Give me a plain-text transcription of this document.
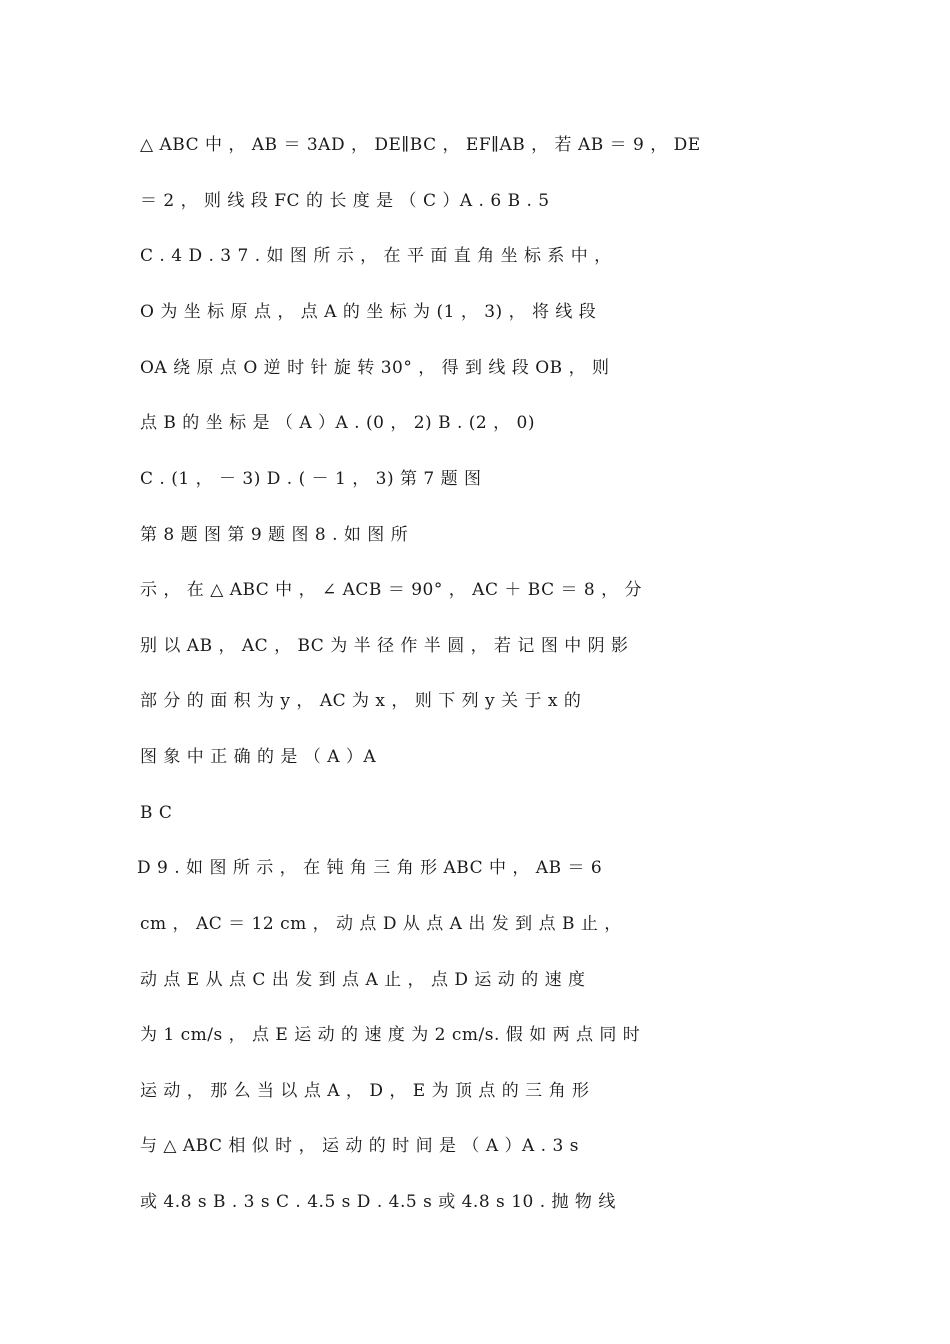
△ ABC 中 ， AB ＝ 3AD ， DE∥BC ， EF∥AB ， 若 AB ＝ 9 ， DE
＝ 2 ， 则 线 段 FC 的 长 度 是 （ C ）A . 6 B . 5
C . 4 D . 3 7 . 如 图 所 示 ， 在 平 面 直 角 坐 标 系 中 ，
O 为 坐 标 原 点 ， 点 A 的 坐 标 为 (1 ， 3) ， 将 线 段
OA 绕 原 点 O 逆 时 针 旋 转 30° ， 得 到 线 段 OB ， 则
点 B 的 坐 标 是 （ A ）A . (0 ， 2) B . (2 ， 0)
C . (1 ， － 3) D . ( － 1 ， 3) 第 7 题 图
第 8 题 图 第 9 题 图 8 . 如 图 所
示 ， 在 △ ABC 中 ， ∠ ACB ＝ 90° ， AC ＋ BC ＝ 8 ， 分
别 以 AB ， AC ， BC 为 半 径 作 半 圆 ， 若 记 图 中 阴 影
部 分 的 面 积 为 y ， AC 为 x ， 则 下 列 y 关 于 x 的
图 象 中 正 确 的 是 （ A ）A
B C
D 9 . 如 图 所 示 ， 在 钝 角 三 角 形 ABC 中 ， AB ＝ 6
cm ， AC ＝ 12 cm ， 动 点 D 从 点 A 出 发 到 点 B 止 ，
动 点 E 从 点 C 出 发 到 点 A 止 ， 点 D 运 动 的 速 度
为 1 cm/s ， 点 E 运 动 的 速 度 为 2 cm/s. 假 如 两 点 同 时
运 动 ， 那 么 当 以 点 A ， D ， E 为 顶 点 的 三 角 形
与 △ ABC 相 似 时 ， 运 动 的 时 间 是 （ A ）A . 3 s
或 4.8 s B . 3 s C . 4.5 s D . 4.5 s 或 4.8 s 10 . 抛 物 线
